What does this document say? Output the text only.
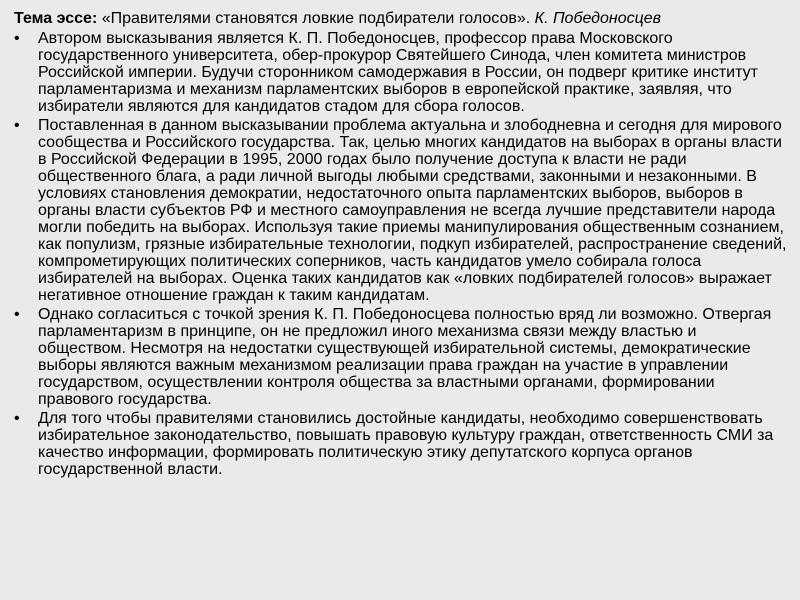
Тема эссе: «Правителями становятся ловкие подбиратели голосов». К. Победоносцев
•	Автором высказывания является К. П. Победоносцев, профессор права Московского государственного университета, обер-прокурор Святейшего Синода, член комитета министров Российской империи. Будучи сторонником самодержавия в России, он подверг критике институт парламентаризма и механизм парламентских выборов в европейской практике, заявляя, что избиратели являются для кандидатов стадом для сбора голосов.
•	Поставленная в данном высказывании проблема актуальна и злободневна и сегодня для мирового сообщества и Российского государства. Так, целью многих кандидатов на выборах в органы власти в Российской Федерации в 1995, 2000 годах было получение доступа к власти не ради общественного блага, а ради личной выгоды любыми средствами, законными и незаконными. В условиях становления демократии, недостаточного опыта парламентских выборов, выборов в органы власти субъектов РФ и местного самоуправления не всегда лучшие представители народа могли победить на выборах. Используя такие приемы манипулирования общественным сознанием, как популизм, грязные избирательные технологии, подкуп избирателей, распространение сведений, компрометирующих политических соперников, часть кандидатов умело собирала голоса избирателей на выборах. Оценка таких кандидатов как «ловких подбирателей голосов» выражает негативное отношение граждан к таким кандидатам.
•	Однако согласиться с точкой зрения К. П. Победоносцева полностью вряд ли возможно. Отвергая парламентаризм в принципе, он не предложил иного механизма связи между властью и обществом. Несмотря на недостатки существующей избирательной системы, демократические выборы являются важным механизмом реализации права граждан на участие в управлении государством, осуществлении контроля общества за властными органами, формировании правового государства.
•	Для того чтобы правителями становились достойные кандидаты, необходимо совершенствовать избирательное законодательство, повышать правовую культуру граждан, ответственность СМИ за качество информации, формировать политическую этику депутатского корпуса органов государственной власти.
